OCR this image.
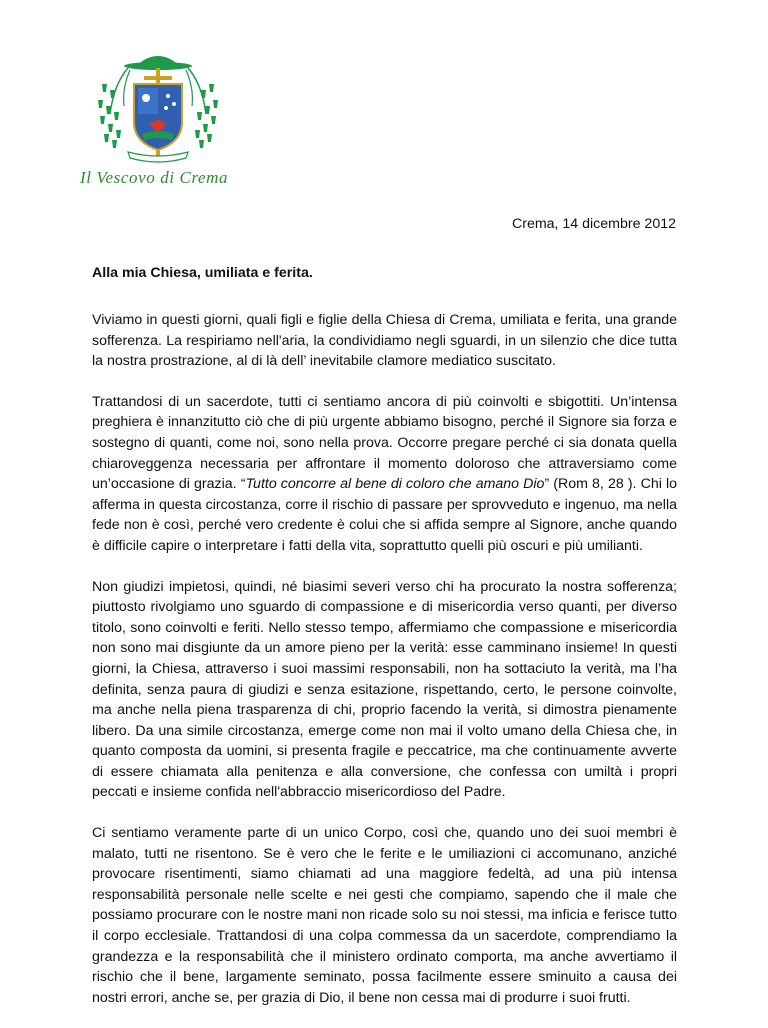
Il Vescovo di Crema
Crema, 14 dicembre 2012
Alla mia Chiesa, umiliata e ferita.

Viviamo in questi giorni, quali figli e figlie della Chiesa di Crema, umiliata e ferita, una grande sofferenza. La respiriamo nell'aria, la condividiamo negli sguardi, in un silenzio che dice tutta la nostra prostrazione, al di là dell’ inevitabile clamore mediatico suscitato.

Trattandosi di un sacerdote, tutti ci sentiamo ancora di più coinvolti e sbigottiti. Un’intensa preghiera è innanzitutto ciò che di più urgente abbiamo bisogno, perché il Signore sia forza e sostegno di quanti, come noi, sono nella prova. Occorre pregare perché ci sia donata quella chiaroveggenza necessaria per affrontare il momento doloroso che attraversiamo come un’occasione di grazia. “Tutto concorre al bene di coloro che amano Dio” (Rom 8, 28 ). Chi lo afferma in questa circostanza, corre il rischio di passare per sprovveduto e ingenuo, ma nella fede non è così, perché vero credente è colui che si affida sempre al Signore, anche quando è difficile capire o interpretare i fatti della vita, soprattutto quelli più oscuri e più umilianti.

Non giudizi impietosi, quindi, né biasimi severi verso chi ha procurato la nostra sofferenza; piuttosto rivolgiamo uno sguardo di compassione e di misericordia verso quanti, per diverso titolo, sono coinvolti e feriti. Nello stesso tempo, affermiamo che compassione e misericordia non sono mai disgiunte da un amore pieno per la verità: esse camminano insieme! In questi giorni, la Chiesa, attraverso i suoi massimi responsabili, non ha sottaciuto la verità, ma l’ha definita, senza paura di giudizi e senza esitazione, rispettando, certo, le persone coinvolte, ma anche nella piena trasparenza di chi, proprio facendo la verità, si dimostra pienamente libero. Da una simile circostanza, emerge come non mai il volto umano della Chiesa che, in quanto composta da uomini, si presenta fragile e peccatrice, ma che continuamente avverte di essere chiamata alla penitenza e alla conversione, che confessa con umiltà i propri peccati e insieme confida nell'abbraccio misericordioso del Padre.

Ci sentiamo veramente parte di un unico Corpo, così che, quando uno dei suoi membri è malato, tutti ne risentono. Se è vero che le ferite e le umiliazioni ci accomunano, anziché provocare risentimenti, siamo chiamati ad una maggiore fedeltà, ad una più intensa responsabilità personale nelle scelte e nei gesti che compiamo, sapendo che il male che possiamo procurare con le nostre mani non ricade solo su noi stessi, ma inficia e ferisce tutto il corpo ecclesiale. Trattandosi di una colpa commessa da un sacerdote, comprendiamo la grandezza e la responsabilità che il ministero ordinato comporta, ma anche avvertiamo il rischio che il bene, largamente seminato, possa facilmente essere sminuito a causa dei nostri errori, anche se, per grazia di Dio, il bene non cessa mai di produrre i suoi frutti.
